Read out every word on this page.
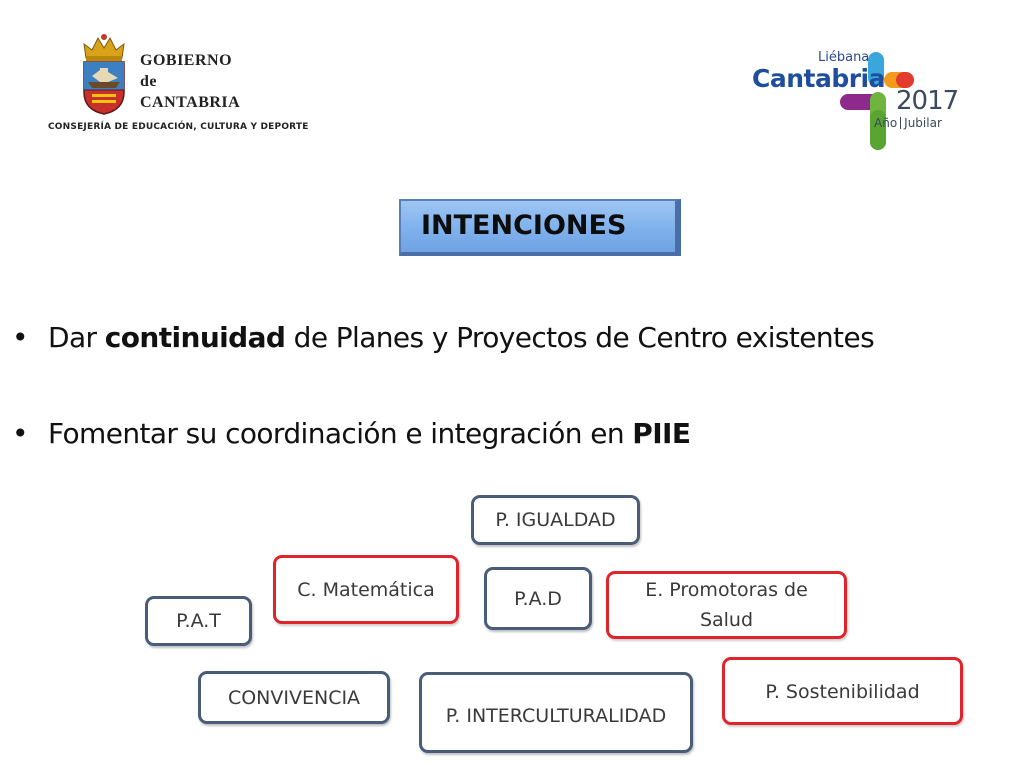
GOBIERNO
de
CANTABRIA
CONSEJERÍA DE EDUCACIÓN, CULTURA Y DEPORTE
Liébana
Cantabria
2017
Año Jubilar
INTENCIONES
• Dar continuidad de Planes y Proyectos de Centro existentes
• Fomentar su coordinación e integración en PIIE
P. IGUALDAD
C. Matemática	P.A.D	E. Promotoras de Salud
P.A.T
P. Sostenibilidad
CONVIVENCIA
P. INTERCULTURALIDAD
